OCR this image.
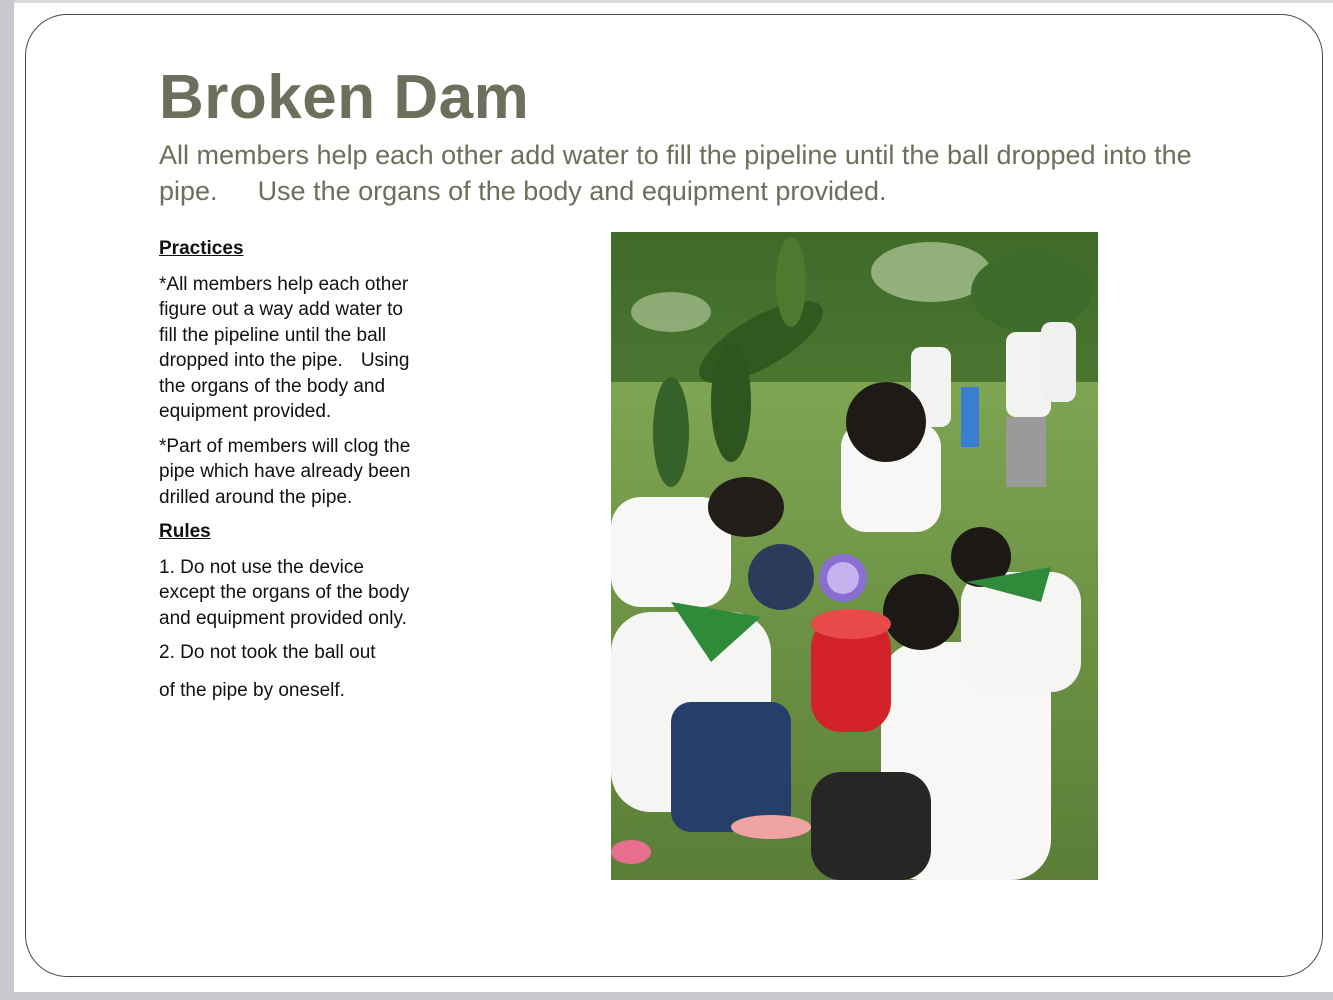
Broken Dam

All members help each other add water to fill the pipeline until the ball dropped into the
pipe. Use the organs of the body and equipment provided.

Practices

*All members help each other figure out a way add water to fill the pipeline until the ball dropped into the pipe. Using the organs of the body and equipment provided.

*Part of members will clog the pipe which have already been drilled around the pipe.

Rules

1. Do not use the device except the organs of the body and equipment provided only.

2. Do not took the ball out

of the pipe by oneself.
